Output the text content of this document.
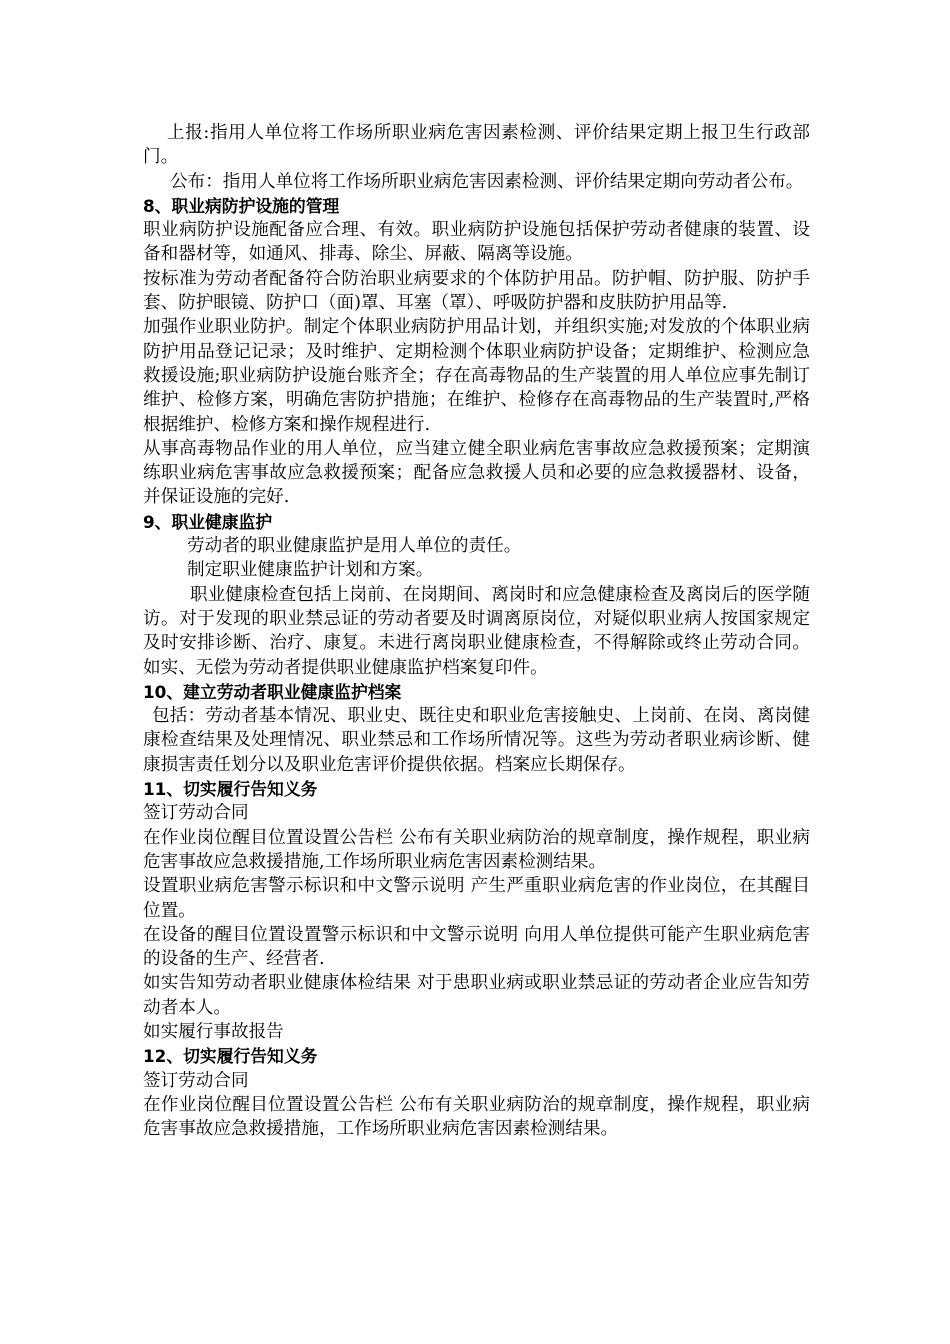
上报:指用人单位将工作场所职业病危害因素检测、评价结果定期上报卫生行政部门。

公布：指用人单位将工作场所职业病危害因素检测、评价结果定期向劳动者公布。

8、职业病防护设施的管理

职业病防护设施配备应合理、有效。职业病防护设施包括保护劳动者健康的装置、设备和器材等，如通风、排毒、除尘、屏蔽、隔离等设施。

按标准为劳动者配备符合防治职业病要求的个体防护用品。防护帽、防护服、防护手套、防护眼镜、防护口（面)罩、耳塞（罩）、呼吸防护器和皮肤防护用品等.

加强作业职业防护。制定个体职业病防护用品计划，并组织实施;对发放的个体职业病防护用品登记记录；及时维护、定期检测个体职业病防护设备；定期维护、检测应急救援设施;职业病防护设施台账齐全；存在高毒物品的生产装置的用人单位应事先制订维护、检修方案，明确危害防护措施；在维护、检修存在高毒物品的生产装置时,严格根据维护、检修方案和操作规程进行.

从事高毒物品作业的用人单位，应当建立健全职业病危害事故应急救援预案；定期演练职业病危害事故应急救援预案；配备应急救援人员和必要的应急救援器材、设备，并保证设施的完好.

9、职业健康监护

劳动者的职业健康监护是用人单位的责任。

制定职业健康监护计划和方案。

职业健康检查包括上岗前、在岗期间、离岗时和应急健康检查及离岗后的医学随访。对于发现的职业禁忌证的劳动者要及时调离原岗位，对疑似职业病人按国家规定及时安排诊断、治疗、康复。未进行离岗职业健康检查，不得解除或终止劳动合同。如实、无偿为劳动者提供职业健康监护档案复印件。

10、建立劳动者职业健康监护档案

包括：劳动者基本情况、职业史、既往史和职业危害接触史、上岗前、在岗、离岗健康检查结果及处理情况、职业禁忌和工作场所情况等。这些为劳动者职业病诊断、健康损害责任划分以及职业危害评价提供依据。档案应长期保存。

11、切实履行告知义务

签订劳动合同

在作业岗位醒目位置设置公告栏 公布有关职业病防治的规章制度，操作规程，职业病危害事故应急救援措施,工作场所职业病危害因素检测结果。

设置职业病危害警示标识和中文警示说明 产生严重职业病危害的作业岗位，在其醒目位置。

在设备的醒目位置设置警示标识和中文警示说明 向用人单位提供可能产生职业病危害的设备的生产、经营者.

如实告知劳动者职业健康体检结果 对于患职业病或职业禁忌证的劳动者企业应告知劳动者本人。

如实履行事故报告

12、切实履行告知义务

签订劳动合同

在作业岗位醒目位置设置公告栏 公布有关职业病防治的规章制度，操作规程，职业病危害事故应急救援措施，工作场所职业病危害因素检测结果。
